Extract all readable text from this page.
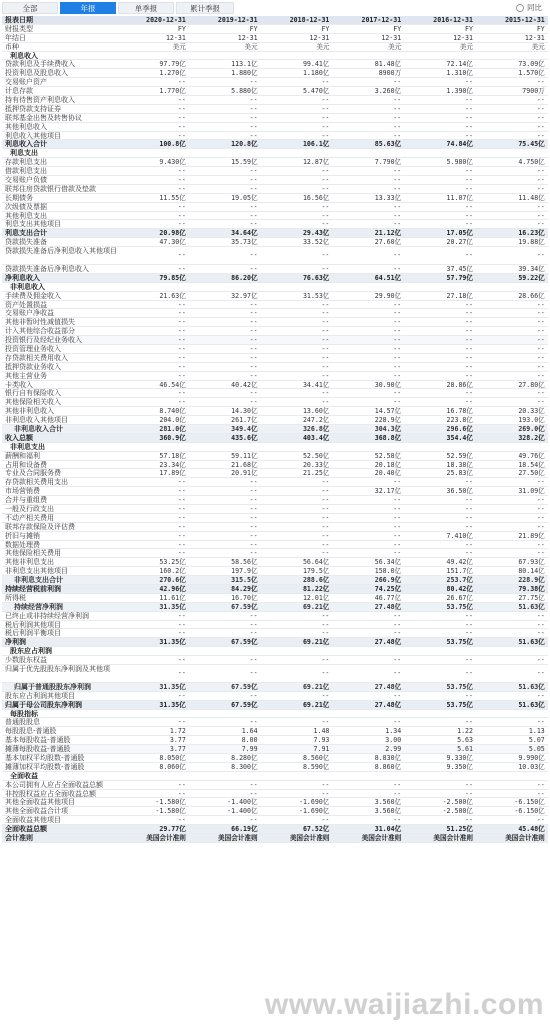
全部	年报	单季报	累计季报	同比
报表日期	2020-12-31	2019-12-31	2018-12-31	2017-12-31	2016-12-31	2015-12-31
财报类型	FY	FY	FY	FY	FY	FY
年结日	12-31	12-31	12-31	12-31	12-31	12-31
币种	美元	美元	美元	美元	美元	美元
利息收入
贷款利息及手续费收入	97.79亿	113.1亿	99.41亿	81.48亿	72.14亿	73.09亿
投资利息及股息收入	1.270亿	1.880亿	1.180亿	8900万	1.310亿	1.570亿
交易账户资产	--	--	--	--	--	--
计息存款	1.770亿	5.880亿	5.470亿	3.260亿	1.390亿	7900万
持有待售资产利息收入	--	--	--	--	--	--
抵押贷款支持证券	--	--	--	--	--	--
联邦基金出售及转售协议	--	--	--	--	--	--
其他利息收入	--	--	--	--	--	--
利息收入其他项目	--	--	--	--	--	--
利息收入合计	100.8亿	120.8亿	106.1亿	85.63亿	74.84亿	75.45亿
利息支出
存款利息支出	9.430亿	15.59亿	12.87亿	7.790亿	5.980亿	4.750亿
借款利息支出	--	--	--	--	--	--
交易账户负债	--	--	--	--	--	--
联邦住房贷款银行借款及垫款	--	--	--	--	--	--
长期债务	11.55亿	19.05亿	16.56亿	13.33亿	11.07亿	11.48亿
次级债及票据	--	--	--	--	--	--
其他利息支出	--	--	--	--	--	--
利息支出其他项目	--	--	--	--	--	--
利息支出合计	20.98亿	34.64亿	29.43亿	21.12亿	17.05亿	16.23亿
贷款损失准备	47.30亿	35.73亿	33.52亿	27.60亿	20.27亿	19.88亿
贷款损失准备后净利息收入其他项目	--	--	--	--	--	--
贷款损失准备后净利息收入	--	--	--	--	37.45亿	39.34亿
净利息收入	79.85亿	86.20亿	76.63亿	64.51亿	57.79亿	59.22亿
非利息收入
手续费及佣金收入	21.63亿	32.97亿	31.53亿	29.90亿	27.18亿	28.66亿
资产处置损益	--	--	--	--	--	--
交易账户净收益	--	--	--	--	--	--
其他非暂时性减值损失	--	--	--	--	--	--
计入其他综合收益部分	--	--	--	--	--	--
投资银行及经纪业务收入	--	--	--	--	--	--
投资管理业务收入	--	--	--	--	--	--
存贷款相关费用收入	--	--	--	--	--	--
抵押贷款业务收入	--	--	--	--	--	--
其他主营业务	--	--	--	--	--	--
卡类收入	46.54亿	40.42亿	34.41亿	30.90亿	28.86亿	27.80亿
银行自有保险收入	--	--	--	--	--	--
其他保险相关收入	--	--	--	--	--	--
其他非利息收入	8.740亿	14.30亿	13.60亿	14.57亿	16.78亿	20.33亿
非利息收入其他项目	204.0亿	261.7亿	247.2亿	228.9亿	223.8亿	193.0亿
非利息收入合计	281.0亿	349.4亿	326.8亿	304.3亿	296.6亿	269.0亿
收入总额	360.9亿	435.6亿	403.4亿	368.8亿	354.4亿	328.2亿
非利息支出
薪酬和福利	57.18亿	59.11亿	52.50亿	52.58亿	52.59亿	49.76亿
占用和设备费	23.34亿	21.68亿	20.33亿	20.18亿	18.38亿	18.54亿
专业及合同服务费	17.89亿	20.91亿	21.25亿	20.40亿	25.83亿	27.50亿
存贷款相关费用支出	--	--	--	--	--	--
市场营销费	--	--	--	32.17亿	36.50亿	31.09亿
合并与重组费	--	--	--	--	--	--
一般及行政支出	--	--	--	--	--	--
不动产相关费用	--	--	--	--	--	--
联邦存款保险及评估费	--	--	--	--	--	--
折旧与摊销	--	--	--	--	7.410亿	21.89亿
数据处理费	--	--	--	--	--	--
其他保险相关费用	--	--	--	--	--	--
其他非利息支出	53.25亿	58.56亿	56.64亿	56.34亿	49.42亿	67.93亿
非利息支出其他项目	160.2亿	197.9亿	179.5亿	158.0亿	151.7亿	80.14亿
非利息支出合计	270.6亿	315.5亿	288.6亿	266.9亿	253.7亿	228.9亿
持续经营税前利润	42.96亿	84.29亿	81.22亿	74.25亿	80.42亿	79.38亿
所得税	11.61亿	16.70亿	12.01亿	46.77亿	26.67亿	27.75亿
持续经营净利润	31.35亿	67.59亿	69.21亿	27.48亿	53.75亿	51.63亿
已终止或非持续经营净利润	--	--	--	--	--	--
税后利润其他项目	--	--	--	--	--	--
税后利润平衡项目	--	--	--	--	--	--
净利润	31.35亿	67.59亿	69.21亿	27.48亿	53.75亿	51.63亿
股东应占利润
少数股东权益	--	--	--	--	--	--
归属于优先股股东净利润及其他项	--	--	--	--	--	--
归属于普通股股东净利润	31.35亿	67.59亿	69.21亿	27.48亿	53.75亿	51.63亿
股东应占利润其他项目	--	--	--	--	--	--
归属于母公司股东净利润	31.35亿	67.59亿	69.21亿	27.48亿	53.75亿	51.63亿
每股指标
普通股股息	--	--	--	--	--	--
每股股息-普通股	1.72	1.64	1.48	1.34	1.22	1.13
基本每股收益-普通股	3.77	8.00	7.93	3.00	5.63	5.07
摊薄每股收益-普通股	3.77	7.99	7.91	2.99	5.61	5.05
基本加权平均股数-普通股	8.050亿	8.280亿	8.560亿	8.830亿	9.330亿	9.990亿
摊薄加权平均股数-普通股	8.060亿	8.300亿	8.590亿	8.860亿	9.350亿	10.03亿
全面收益
本公司拥有人应占全面收益总额	--	--	--	--	--	--
非控股权益应占全面收益总额	--	--	--	--	--	--
其他全面收益其他项目	-1.580亿	-1.400亿	-1.690亿	3.560亿	-2.500亿	-6.150亿
其他全面收益合计项	-1.580亿	-1.400亿	-1.690亿	3.560亿	-2.500亿	-6.150亿
全面收益其他项目	--	--	--	--	--	--
全面收益总额	29.77亿	66.19亿	67.52亿	31.04亿	51.25亿	45.48亿
会计准则	美国会计准则	美国会计准则	美国会计准则	美国会计准则	美国会计准则	美国会计准则
www.waijiazhi.com
